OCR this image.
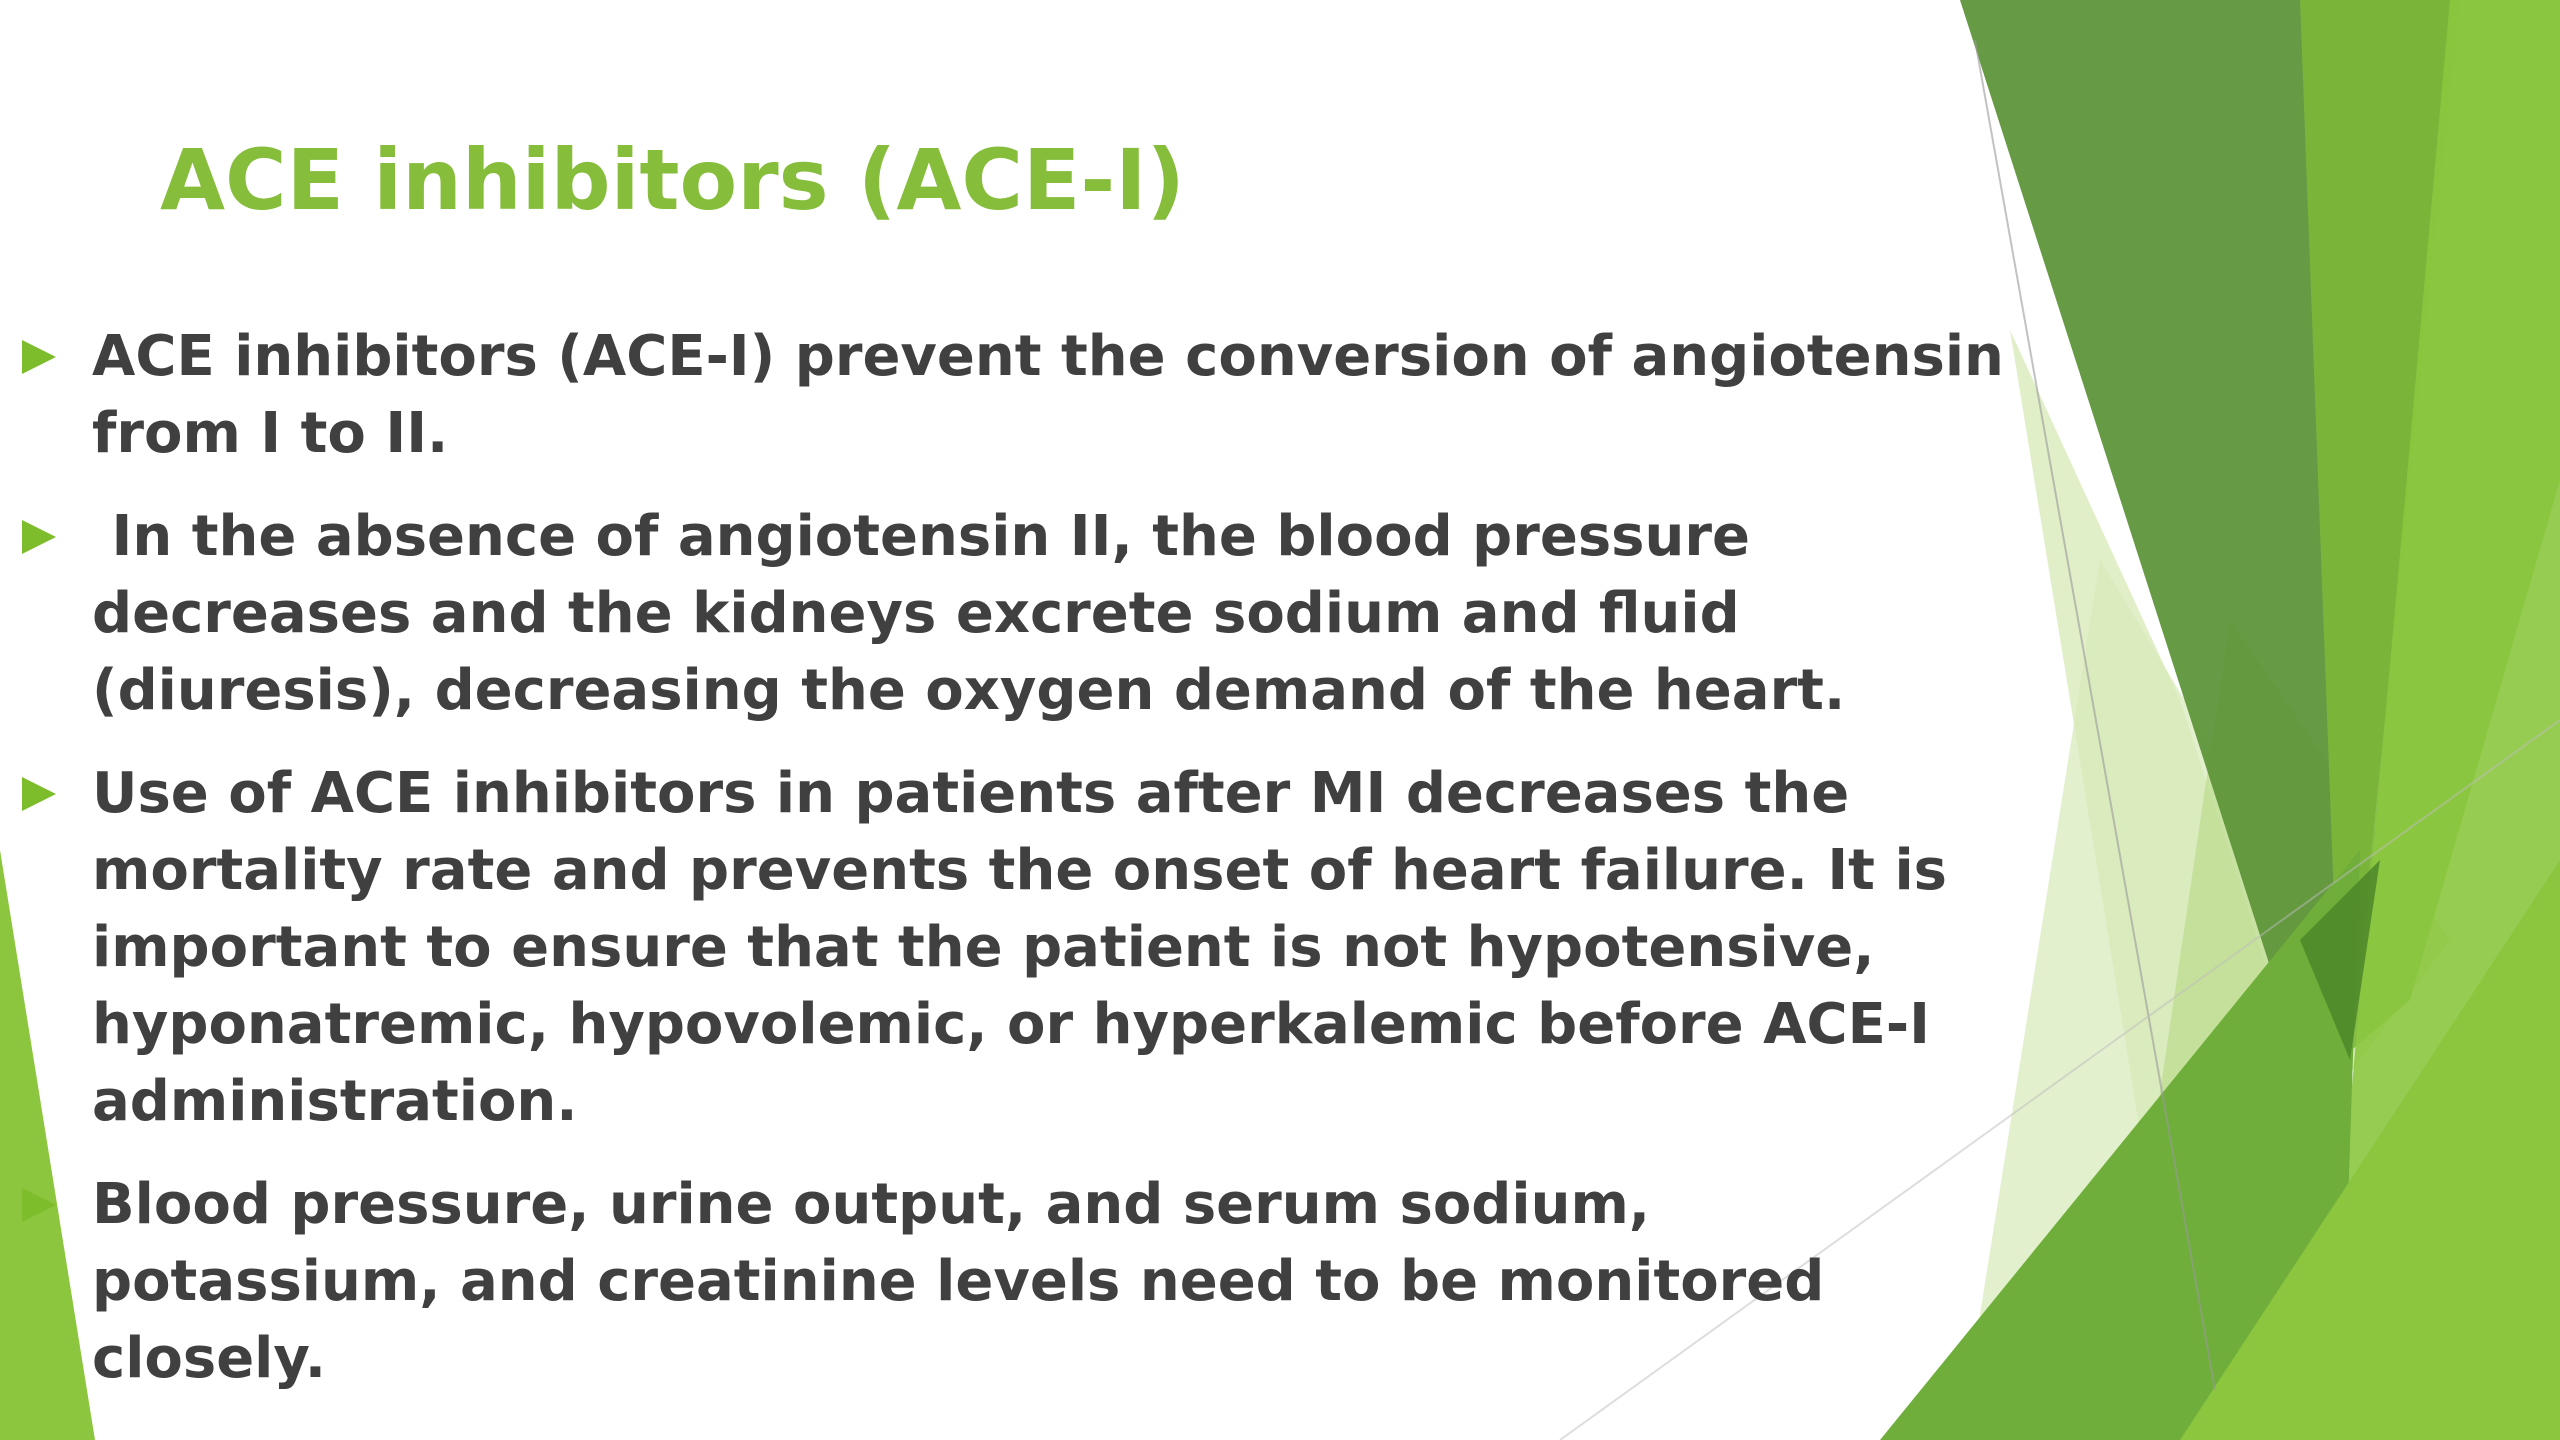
ACE inhibitors (ACE-I)
ACE inhibitors (ACE-I) prevent the conversion of angiotensin from I to II.
In the absence of angiotensin II, the blood pressure decreases and the kidneys excrete sodium and fluid (diuresis), decreasing the oxygen demand of the heart.
Use of ACE inhibitors in patients after MI decreases the mortality rate and prevents the onset of heart failure. It is important to ensure that the patient is not hypotensive, hyponatremic, hypovolemic, or hyperkalemic before ACE-I administration.
Blood pressure, urine output, and serum sodium, potassium, and creatinine levels need to be monitored closely.
